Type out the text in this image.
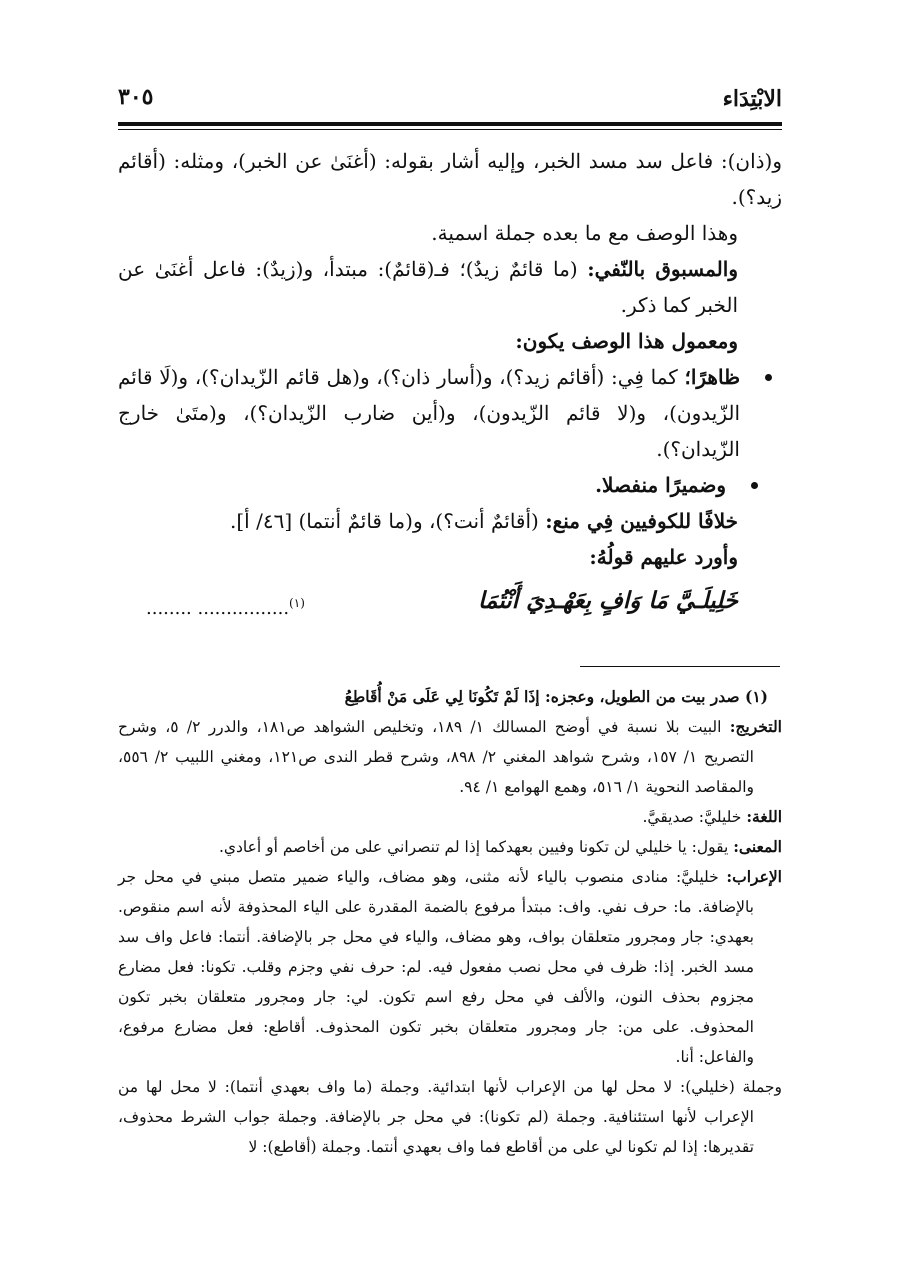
الابْتِدَاء
٣٠٥

و(ذان): فاعل سد مسد الخبر، وإليه أشار بقوله: (أغنَىٰ عن الخبر)، ومثله: (أقائم زيد؟).

وهذا الوصف مع ما بعده جملة اسمية.

والمسبوق بالنّفي: (ما قائمٌ زيدٌ)؛ فـ(قائمٌ): مبتدأ، و(زيدٌ): فاعل أغنَىٰ عن الخبر كما ذكر.

ومعمول هذا الوصف يكون:

ظاهرًا؛ كما فِي: (أقائم زيد؟)، و(أسار ذان؟)، و(هل قائم الزّيدان؟)، و(لَا قائم الزّيدون)، و(لا قائم الزّيدون)، و(أين ضارب الزّيدان؟)، و(متَىٰ خارج الزّيدان؟).
وضميرًا منفصلا.

خلافًا للكوفيين فِي منع: (أقائمٌ أنت؟)، و(ما قائمٌ أنتما) [٤٦/ أ].

وأورد عليهم قولُهُ:

خَلِيلَـيَّ مَا وَافٍ بِعَهْـدِيَ أَنْتُمَا
$^{(١)}$................ ........

(١) صدر بيت من الطويل، وعجزه: إذَا لَمْ تَكُونَا لِي عَلَى مَنْ أُقَاطِعُ

التخريج: البيت بلا نسبة في أوضح المسالك ١/ ١٨٩، وتخليص الشواهد ص١٨١، والدرر ٢/ ٥، وشرح التصريح ١/ ١٥٧، وشرح شواهد المغني ٢/ ٨٩٨، وشرح قطر الندى ص١٢١، ومغني اللبيب ٢/ ٥٥٦، والمقاصد النحوية ١/ ٥١٦، وهمع الهوامع ١/ ٩٤.

اللغة: خليليَّ: صديقيَّ.

المعنى: يقول: يا خليلي لن تكونا وفيين بعهدكما إذا لم تنصراني على من أخاصم أو أعادي.

الإعراب: خليليَّ: منادى منصوب بالياء لأنه مثنى، وهو مضاف، والياء ضمير متصل مبني في محل جر بالإضافة. ما: حرف نفي. واف: مبتدأ مرفوع بالضمة المقدرة على الياء المحذوفة لأنه اسم منقوص. بعهدي: جار ومجرور متعلقان بواف، وهو مضاف، والياء في محل جر بالإضافة. أنتما: فاعل واف سد مسد الخبر. إذا: ظرف في محل نصب مفعول فيه. لم: حرف نفي وجزم وقلب. تكونا: فعل مضارع مجزوم بحذف النون، والألف في محل رفع اسم تكون. لي: جار ومجرور متعلقان بخبر تكون المحذوف. على من: جار ومجرور متعلقان بخبر تكون المحذوف. أقاطع: فعل مضارع مرفوع، والفاعل: أنا.

وجملة (خليلي): لا محل لها من الإعراب لأنها ابتدائية. وجملة (ما واف بعهدي أنتما): لا محل لها من الإعراب لأنها استئنافية. وجملة (لم تكونا): في محل جر بالإضافة. وجملة جواب الشرط محذوف، تقديرها: إذا لم تكونا لي على من أقاطع فما واف بعهدي أنتما. وجملة (أقاطع): لا
